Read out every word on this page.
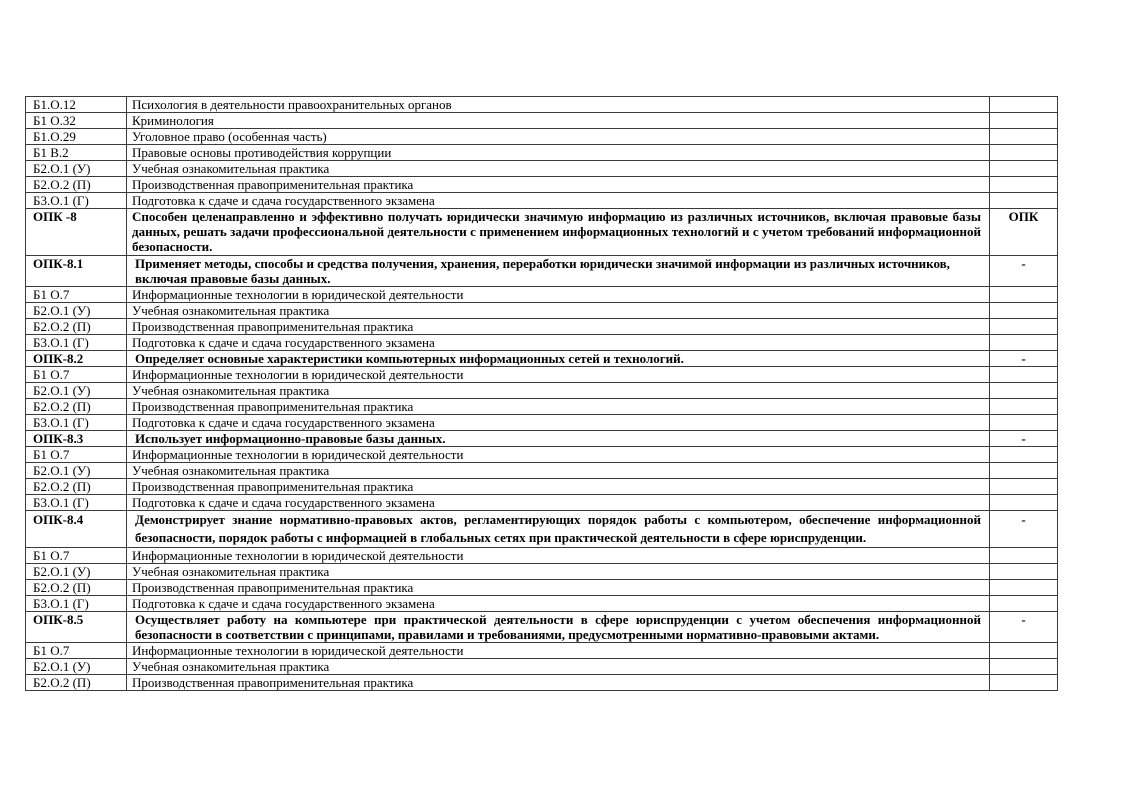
Б1.О.12	Психология в деятельности правоохранительных органов	
Б1 О.32	Криминология	
Б1.О.29	Уголовное право (особенная часть)	
Б1 В.2	Правовые основы противодействия коррупции	
Б2.О.1 (У)	Учебная ознакомительная практика	
Б2.О.2 (П)	Производственная правоприменительная практика	
Б3.О.1 (Г)	Подготовка к сдаче и сдача государственного экзамена	
ОПК -8	Способен целенаправленно и эффективно получать юридически значимую информацию из различных источников, включая правовые базы данных, решать задачи профессиональной деятельности с применением информационных технологий и с учетом требований информационной безопасности.	ОПК
ОПК-8.1	Применяет методы, способы и средства получения, хранения, переработки юридически значимой информации из различных источников, включая правовые базы данных.	-
Б1 О.7	Информационные технологии в юридической деятельности	
Б2.О.1 (У)	Учебная ознакомительная практика	
Б2.О.2 (П)	Производственная правоприменительная практика	
Б3.О.1 (Г)	Подготовка к сдаче и сдача государственного экзамена	
ОПК-8.2	Определяет основные характеристики компьютерных информационных сетей и технологий.	-
Б1 О.7	Информационные технологии в юридической деятельности	
Б2.О.1 (У)	Учебная ознакомительная практика	
Б2.О.2 (П)	Производственная правоприменительная практика	
Б3.О.1 (Г)	Подготовка к сдаче и сдача государственного экзамена	
ОПК-8.3	Использует информационно-правовые базы данных.	-
Б1 О.7	Информационные технологии в юридической деятельности	
Б2.О.1 (У)	Учебная ознакомительная практика	
Б2.О.2 (П)	Производственная правоприменительная практика	
Б3.О.1 (Г)	Подготовка к сдаче и сдача государственного экзамена	
ОПК-8.4	Демонстрирует знание нормативно-правовых актов, регламентирующих порядок работы с компьютером, обеспечение информационной безопасности, порядок работы с информацией в глобальных сетях при практической деятельности в сфере юриспруденции.	-
Б1 О.7	Информационные технологии в юридической деятельности	
Б2.О.1 (У)	Учебная ознакомительная практика	
Б2.О.2 (П)	Производственная правоприменительная практика	
Б3.О.1 (Г)	Подготовка к сдаче и сдача государственного экзамена	
ОПК-8.5	Осуществляет работу на компьютере при практической деятельности в сфере юриспруденции с учетом обеспечения информационной безопасности в соответствии с принципами, правилами и требованиями, предусмотренными нормативно-правовыми актами.	-
Б1 О.7	Информационные технологии в юридической деятельности	
Б2.О.1 (У)	Учебная ознакомительная практика	
Б2.О.2 (П)	Производственная правоприменительная практика	
